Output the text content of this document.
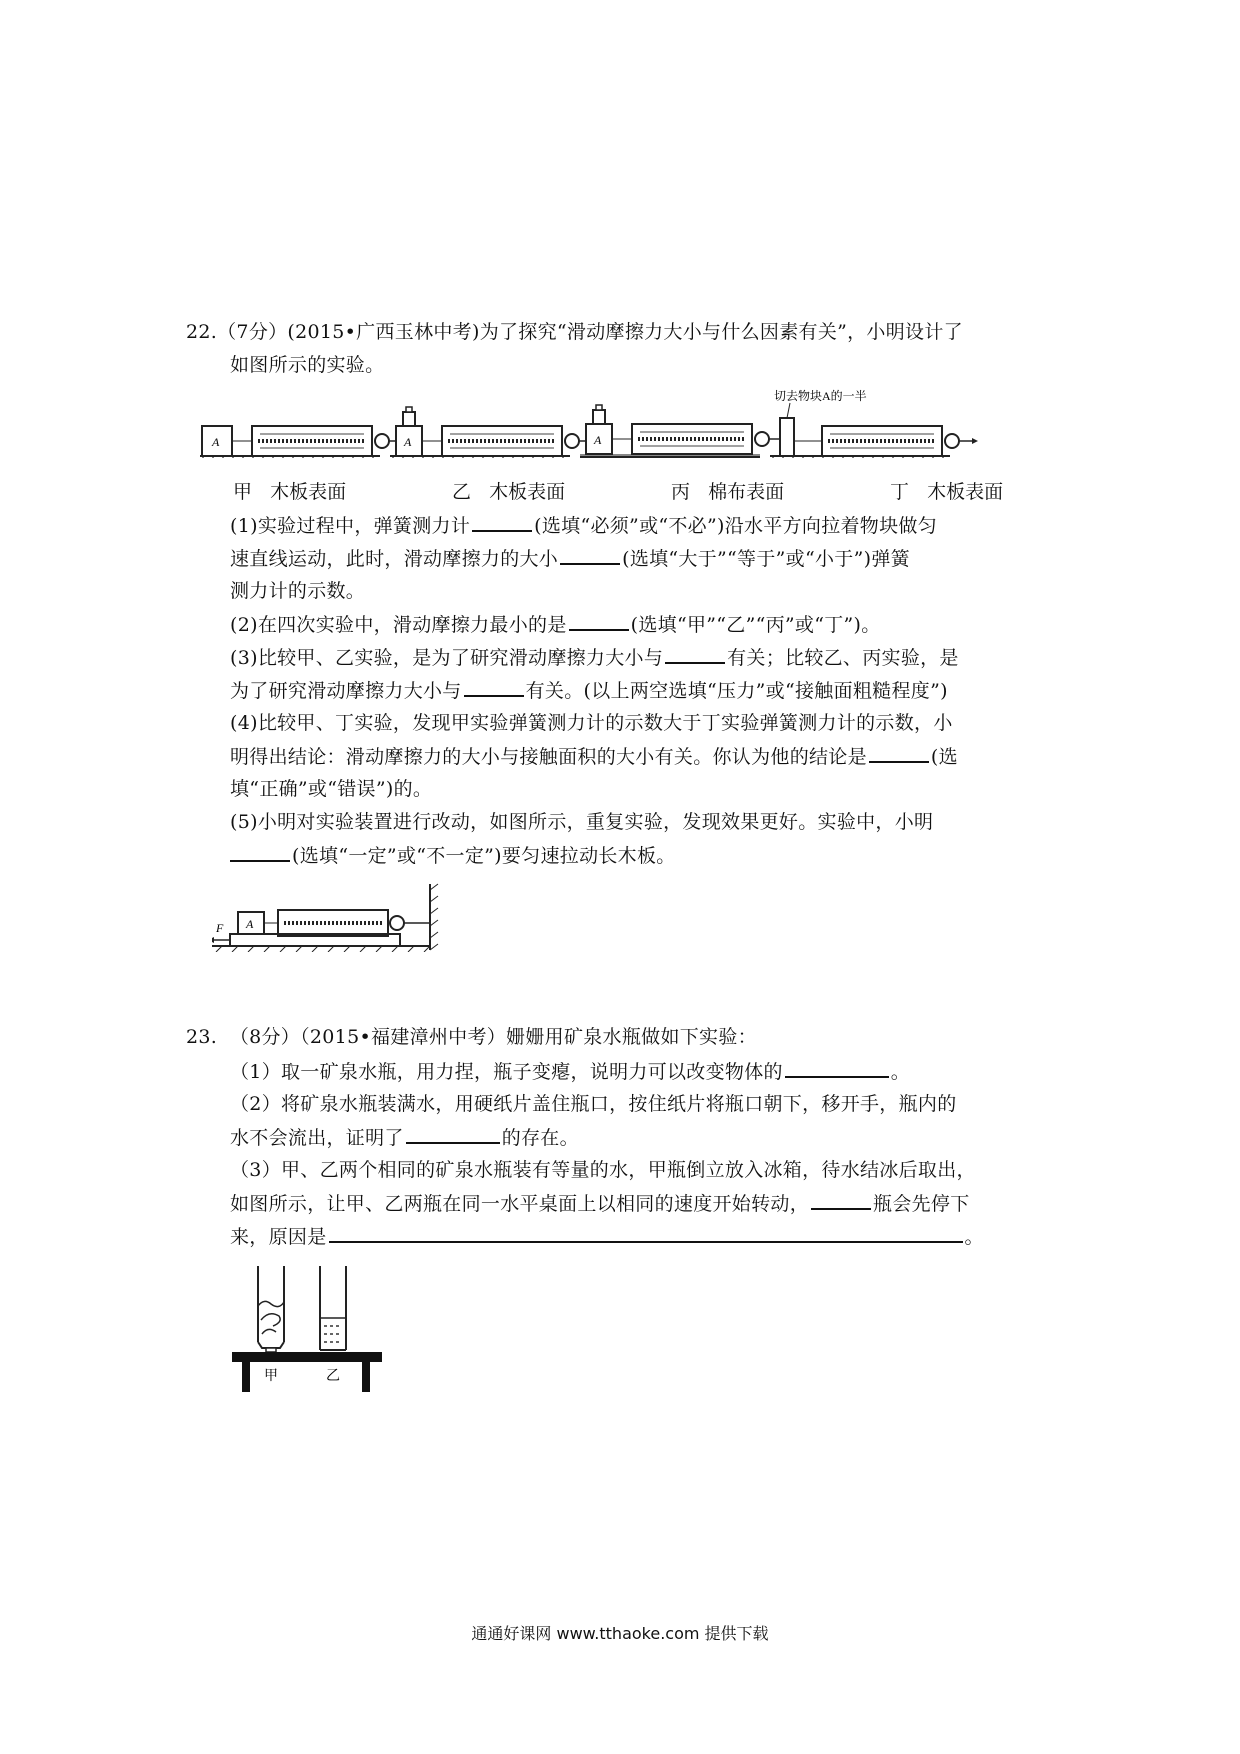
22.（7分）(2015•广西玉林中考)为了探究“滑动摩擦力大小与什么因素有关”，小明设计了
如图所示的实验。
A	A	A
切去物块A的一半
甲 木板表面	乙 木板表面	丙 棉布表面	丁 木板表面
(1)实验过程中，弹簧测力计	(选填“必须”或“不必”)沿水平方向拉着物块做匀
速直线运动，此时，滑动摩擦力的大小	(选填“大于”“等于”或“小于”)弹簧
测力计的示数。
(2)在四次实验中，滑动摩擦力最小的是	(选填“甲”“乙”“丙”或“丁”)。
(3)比较甲、乙实验，是为了研究滑动摩擦力大小与	有关；比较乙、丙实验，是
为了研究滑动摩擦力大小与	有关。(以上两空选填“压力”或“接触面粗糙程度”)
(4)比较甲、丁实验，发现甲实验弹簧测力计的示数大于丁实验弹簧测力计的示数，小
明得出结论：滑动摩擦力的大小与接触面积的大小有关。你认为他的结论是	(选
填“正确”或“错误”)的。
(5)小明对实验装置进行改动，如图所示，重复实验，发现效果更好。实验中，小明
(选填“一定”或“不一定”)要匀速拉动长木板。
F A
23. （8分）（2015•福建漳州中考）姗姗用矿泉水瓶做如下实验：
（1）取一矿泉水瓶，用力捏，瓶子变瘪，说明力可以改变物体的	。
（2）将矿泉水瓶装满水，用硬纸片盖住瓶口，按住纸片将瓶口朝下，移开手，瓶内的
水不会流出，证明了	的存在。
（3）甲、乙两个相同的矿泉水瓶装有等量的水，甲瓶倒立放入冰箱，待水结冰后取出，
如图所示，让甲、乙两瓶在同一水平桌面上以相同的速度开始转动，	瓶会先停下
来，原因是	。
甲	乙
通通好课网 www.tthaoke.com 提供下载
